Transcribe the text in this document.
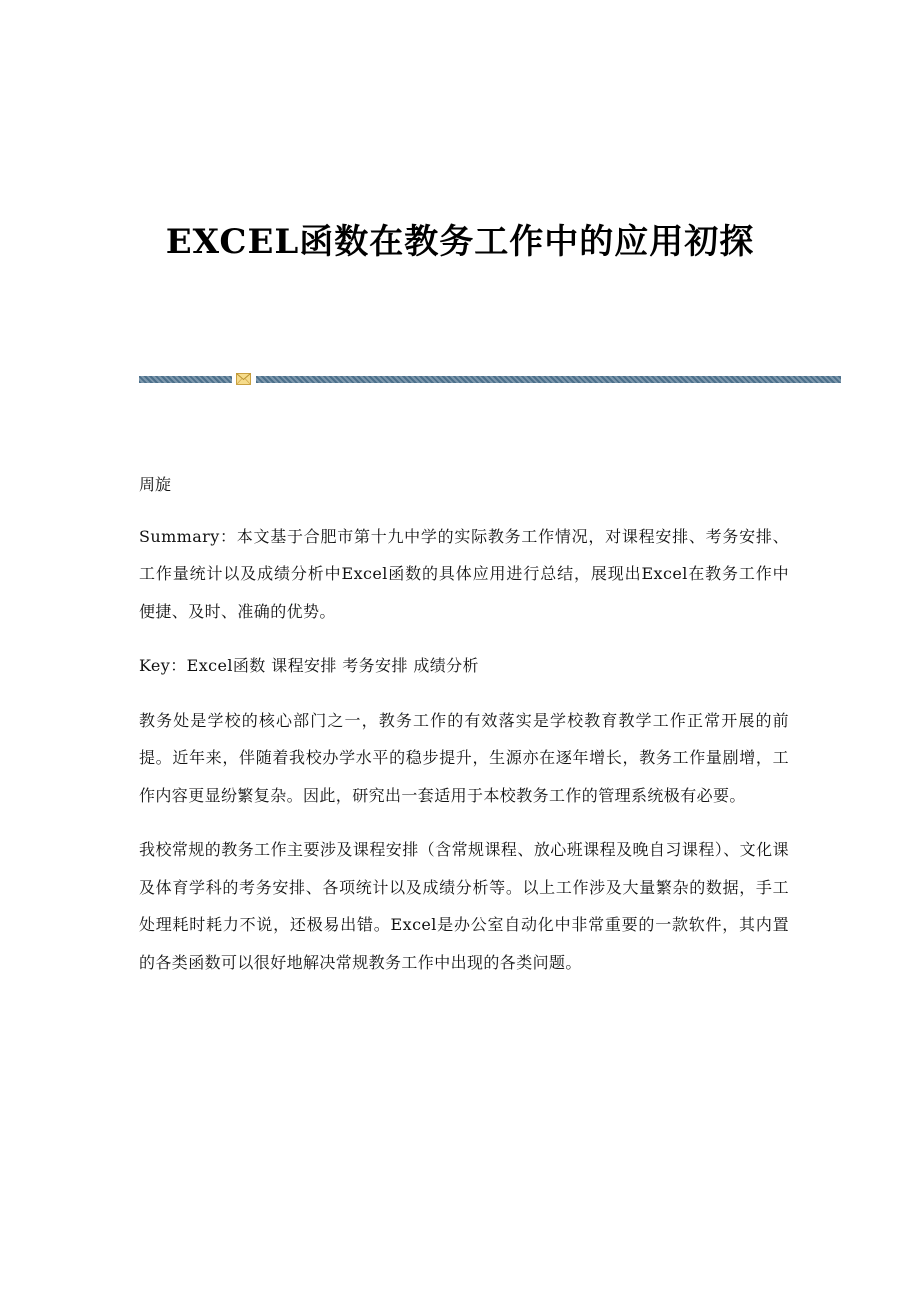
EXCEL函数在教务工作中的应用初探

周旋

Summary：本文基于合肥市第十九中学的实际教务工作情况，对课程安排、考务安排、工作量统计以及成绩分析中Excel函数的具体应用进行总结，展现出Excel在教务工作中便捷、及时、准确的优势。

Key：Excel函数 课程安排 考务安排 成绩分析

教务处是学校的核心部门之一，教务工作的有效落实是学校教育教学工作正常开展的前提。近年来，伴随着我校办学水平的稳步提升，生源亦在逐年增长，教务工作量剧增，工作内容更显纷繁复杂。因此，研究出一套适用于本校教务工作的管理系统极有必要。

我校常规的教务工作主要涉及课程安排（含常规课程、放心班课程及晚自习课程）、文化课及体育学科的考务安排、各项统计以及成绩分析等。以上工作涉及大量繁杂的数据，手工处理耗时耗力不说，还极易出错。Excel是办公室自动化中非常重要的一款软件，其内置的各类函数可以很好地解决常规教务工作中出现的各类问题。
